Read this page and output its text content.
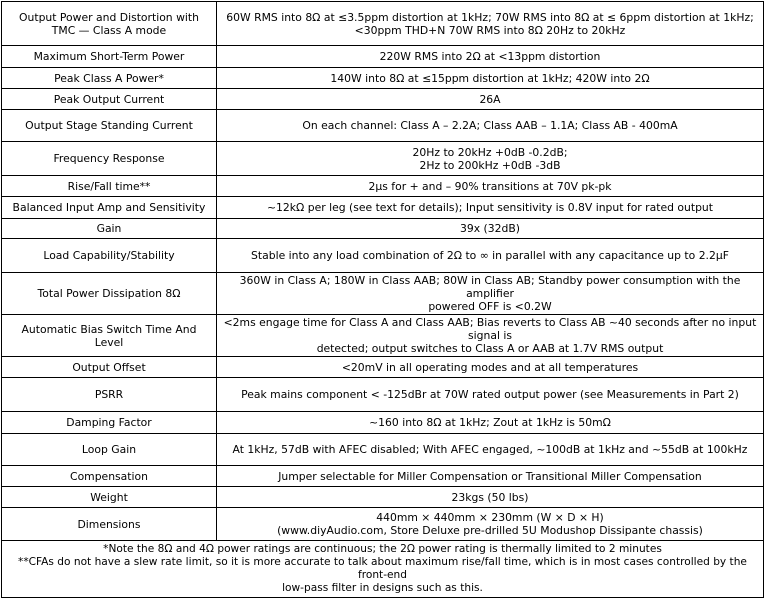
Output Power and Distortion with
TMC — Class A mode	60W RMS into 8Ω at ≤3.5ppm distortion at 1kHz; 70W RMS into 8Ω at ≤ 6ppm distortion at 1kHz;
<30ppm THD+N 70W RMS into 8Ω 20Hz to 20kHz

Maximum Short-Term Power	220W RMS into 2Ω at <13ppm distortion

Peak Class A Power*	140W into 8Ω at ≤15ppm distortion at 1kHz; 420W into 2Ω

Peak Output Current	26A

Output Stage Standing Current	On each channel: Class A – 2.2A; Class AAB – 1.1A; Class AB - 400mA

Frequency Response	20Hz to 20kHz +0dB -0.2dB;
2Hz to 200kHz +0dB -3dB

Rise/Fall time**	2µs for + and – 90% transitions at 70V pk-pk

Balanced Input Amp and Sensitivity	~12kΩ per leg (see text for details); Input sensitivity is 0.8V input for rated output

Gain	39x (32dB)

Load Capability/Stability	Stable into any load combination of 2Ω to ∞ in parallel with any capacitance up to 2.2µF

Total Power Dissipation 8Ω	360W in Class A; 180W in Class AAB; 80W in Class AB; Standby power consumption with the amplifier
powered OFF is <0.2W

Automatic Bias Switch Time And
Level	<2ms engage time for Class A and Class AAB; Bias reverts to Class AB ~40 seconds after no input signal is
detected; output switches to Class A or AAB at 1.7V RMS output

Output Offset	<20mV in all operating modes and at all temperatures

PSRR	Peak mains component < -125dBr at 70W rated output power (see Measurements in Part 2)

Damping Factor	~160 into 8Ω at 1kHz; Zout at 1kHz is 50mΩ

Loop Gain	At 1kHz, 57dB with AFEC disabled; With AFEC engaged, ~100dB at 1kHz and ~55dB at 100kHz

Compensation	Jumper selectable for Miller Compensation or Transitional Miller Compensation

Weight	23kgs (50 lbs)

Dimensions	440mm × 440mm × 230mm (W × D × H)
(www.diyAudio.com, Store Deluxe pre-drilled 5U Modushop Dissipante chassis)

*Note the 8Ω and 4Ω power ratings are continuous; the 2Ω power rating is thermally limited to 2 minutes
**CFAs do not have a slew rate limit, so it is more accurate to talk about maximum rise/fall time, which is in most cases controlled by the front-end
low-pass filter in designs such as this.	
